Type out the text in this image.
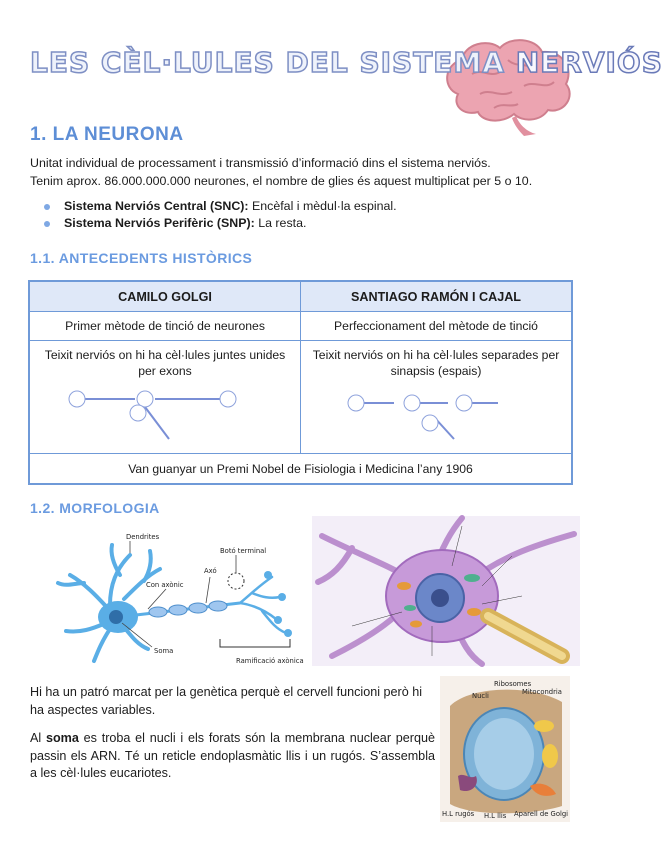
LES CÈL·LULES DEL SISTEMA NERVIÓS
1. LA NEURONA
Unitat individual de processament i transmissió d’informació dins el sistema nerviós.
Tenim aprox. 86.000.000.000 neurones, el nombre de glies és aquest multiplicat per 5 o 10.
Sistema Nerviós Central (SNC): Encèfal i mèdul·la espinal.
Sistema Nerviós Perifèric (SNP): La resta.
1.1. ANTECEDENTS HISTÒRICS
CAMILO GOLGI	SANTIAGO RAMÓN I CAJAL
Primer mètode de tinció de neurones	Perfeccionament del mètode de tinció
Teixit nerviós on hi ha cèl·lules juntes unides per exons
Teixit nerviós on hi ha cèl·lules separades per sinapsis (espais)
Van guanyar un Premi Nobel de Fisiologia i Medicina l’any 1906
1.2. MORFOLOGIA
Dendrites
Botó terminal
Axó
Con axònic
Soma
Ramificació axònica
Hi ha un patró marcat per la genètica perquè el cervell funcioni però hi ha aspectes variables.
Al soma es troba el nucli i els forats són la membrana nuclear perquè passin els ARN. Té un reticle endoplasmàtic llis i un rugós. S’assembla a les cèl·lules eucariotes.
Ribosomes
Mitocondria
Nucli
H.L rugós H.L llis Aparell de Golgi
